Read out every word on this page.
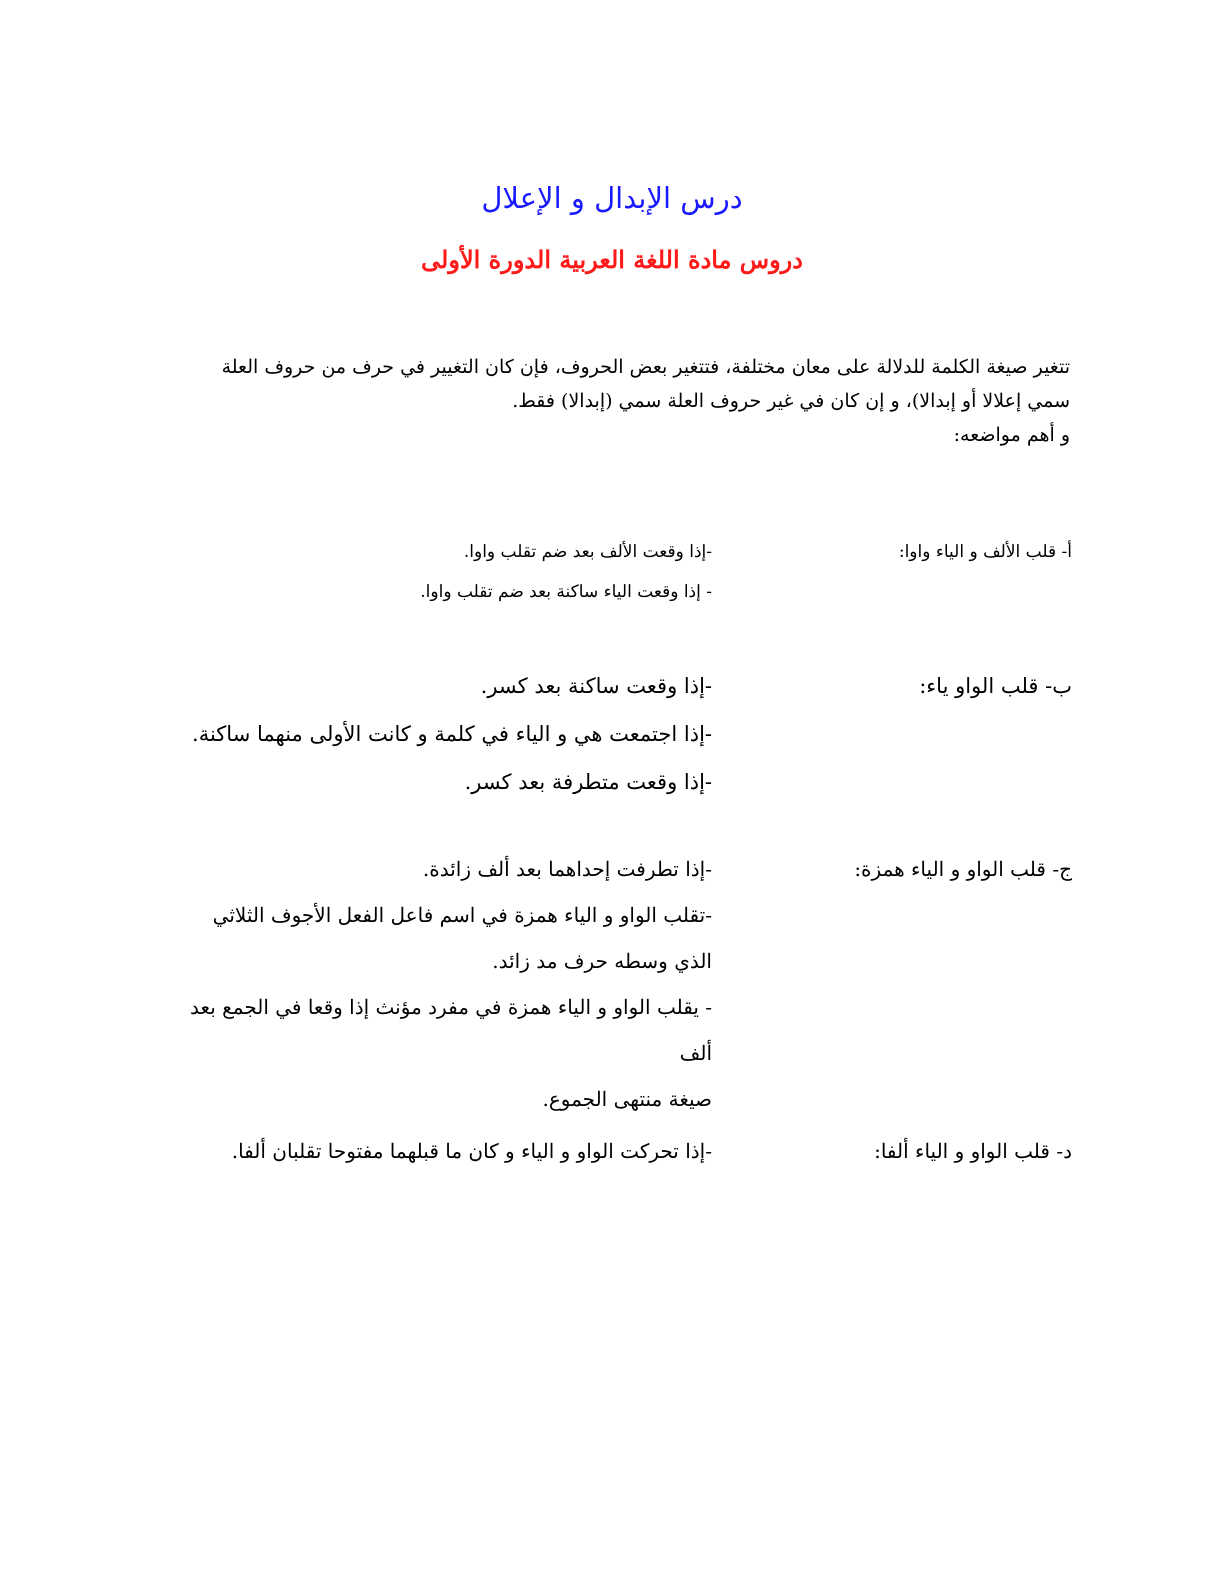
درس الإبدال و الإعلال
دروس مادة اللغة العربية الدورة الأولى

تتغير صيغة الكلمة للدلالة على معان مختلفة، فتتغير بعض الحروف، فإن كان التغيير في حرف من حروف العلة

سمي إعلالا أو إبدالا)، و إن كان في غير حروف العلة سمي (إبدالا) فقط.

و أهم مواضعه:

أ- قلب الألف و الياء واوا:

-إذا وقعت الألف بعد ضم تقلب واوا.

- إذا وقعت الياء ساكنة بعد ضم تقلب واوا.

ب- قلب الواو ياء:

-إذا وقعت ساكنة بعد كسر.

-إذا اجتمعت هي و الياء في كلمة و كانت الأولى منهما ساكنة.

-إذا وقعت متطرفة بعد كسر.

ج- قلب الواو و الياء همزة:

-إذا تطرفت إحداهما بعد ألف زائدة.

-تقلب الواو و الياء همزة في اسم فاعل الفعل الأجوف الثلاثي

الذي وسطه حرف مد زائد.

- يقلب الواو و الياء همزة في مفرد مؤنث إذا وقعا في الجمع بعد ألف

صيغة منتهى الجموع.

د- قلب الواو و الياء ألفا:

-إذا تحركت الواو و الياء و كان ما قبلهما مفتوحا تقلبان ألفا.
